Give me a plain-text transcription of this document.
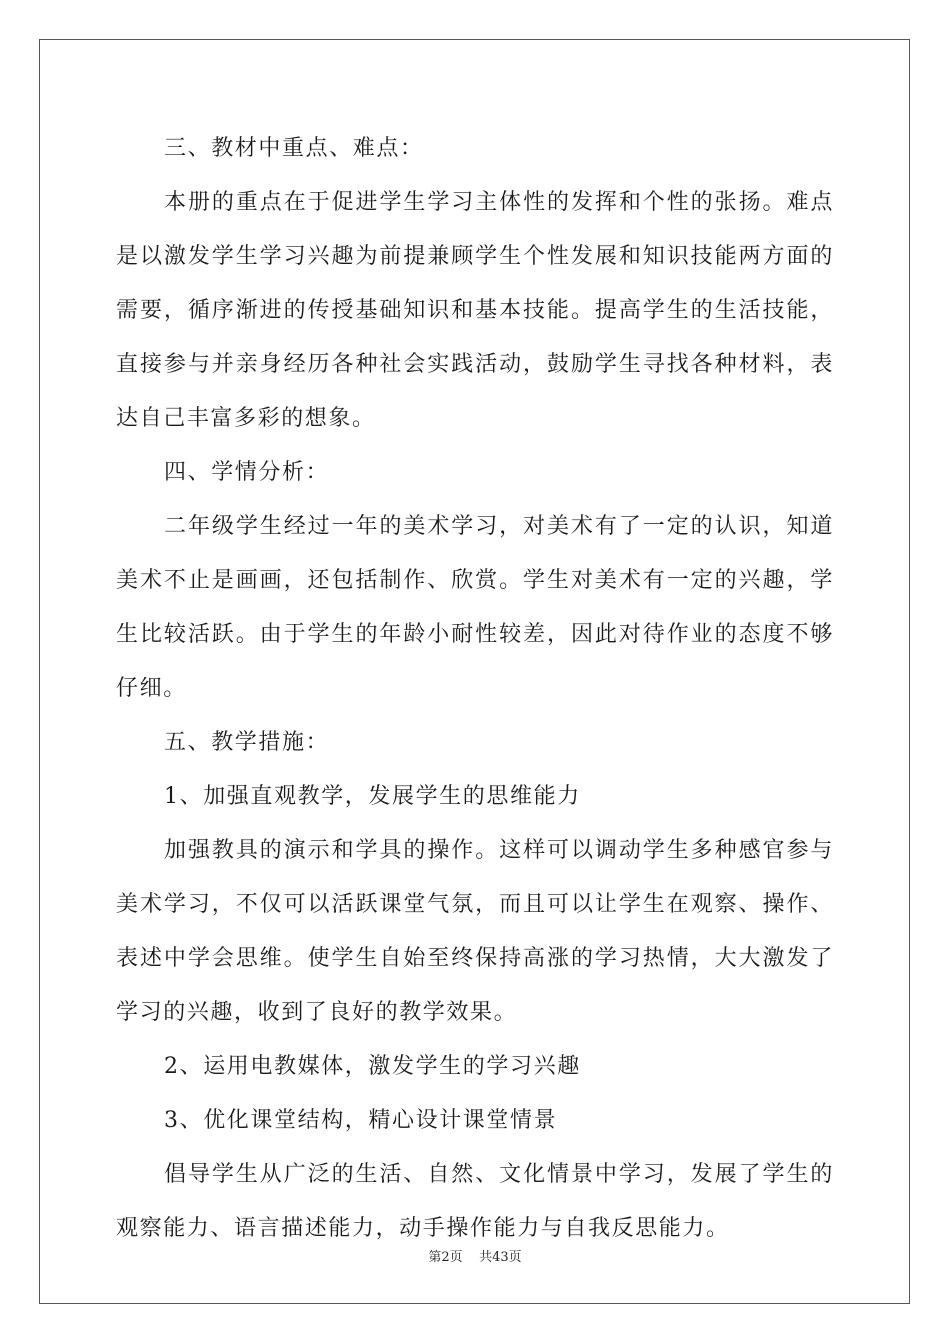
三、教材中重点、难点：

本册的重点在于促进学生学习主体性的发挥和个性的张扬。难点是以激发学生学习兴趣为前提兼顾学生个性发展和知识技能两方面的需要，循序渐进的传授基础知识和基本技能。提高学生的生活技能，直接参与并亲身经历各种社会实践活动，鼓励学生寻找各种材料，表达自己丰富多彩的想象。

四、学情分析：

二年级学生经过一年的美术学习，对美术有了一定的认识，知道美术不止是画画，还包括制作、欣赏。学生对美术有一定的兴趣，学生比较活跃。由于学生的年龄小耐性较差，因此对待作业的态度不够仔细。

五、教学措施：

1、加强直观教学，发展学生的思维能力

加强教具的演示和学具的操作。这样可以调动学生多种感官参与美术学习，不仅可以活跃课堂气氛，而且可以让学生在观察、操作、表述中学会思维。使学生自始至终保持高涨的学习热情，大大激发了学习的兴趣，收到了良好的教学效果。

2、运用电教媒体，激发学生的学习兴趣

3、优化课堂结构，精心设计课堂情景

倡导学生从广泛的生活、自然、文化情景中学习，发展了学生的观察能力、语言描述能力，动手操作能力与自我反思能力。

第2页 共43页
